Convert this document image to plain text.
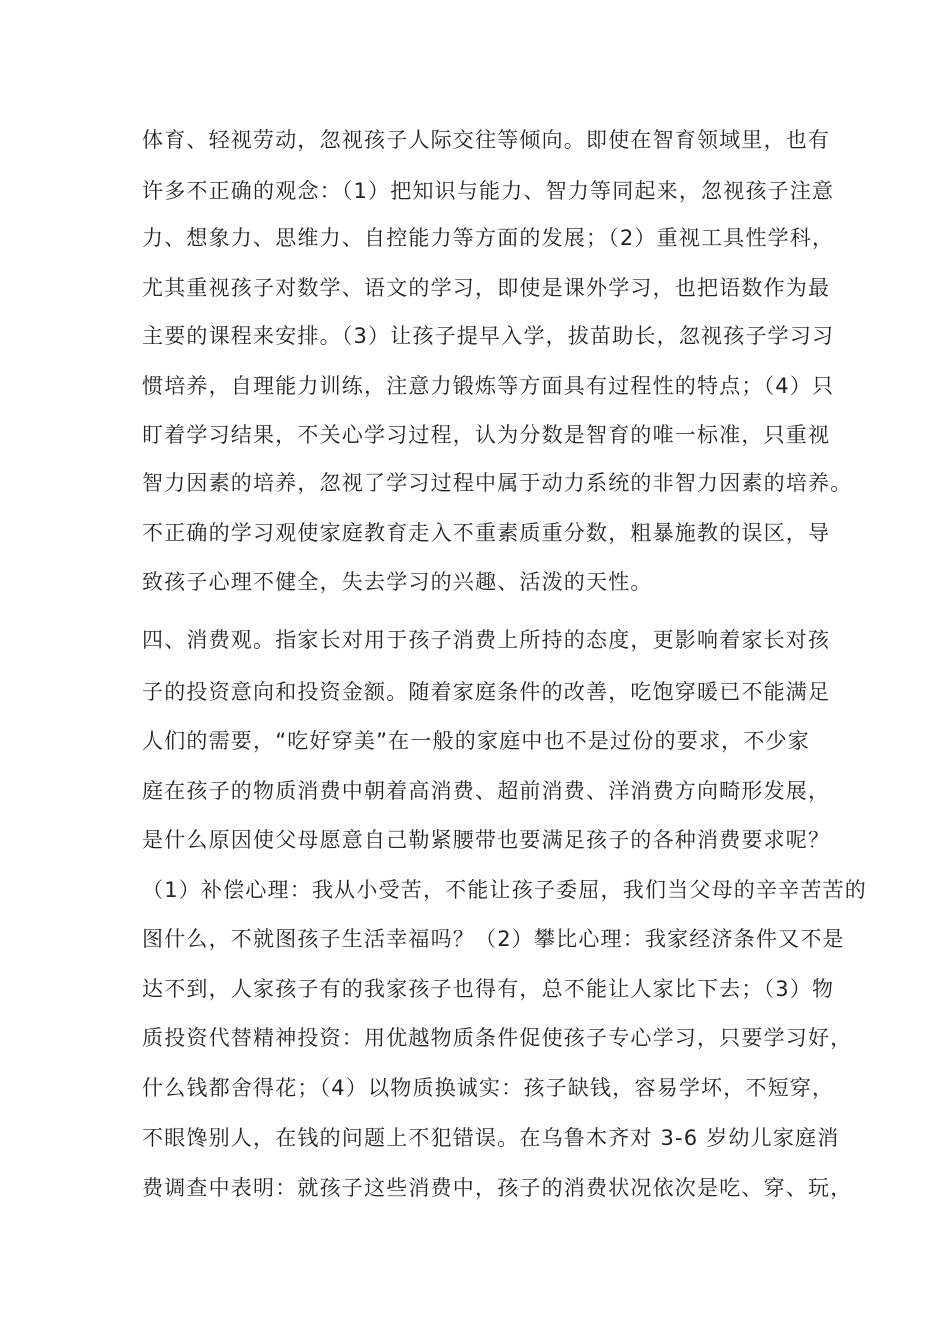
体育、轻视劳动，忽视孩子人际交往等倾向。即使在智育领域里，也有
许多不正确的观念：（1）把知识与能力、智力等同起来，忽视孩子注意
力、想象力、思维力、自控能力等方面的发展；（2）重视工具性学科，
尤其重视孩子对数学、语文的学习，即使是课外学习，也把语数作为最
主要的课程来安排。（3）让孩子提早入学，拔苗助长，忽视孩子学习习
惯培养，自理能力训练，注意力锻炼等方面具有过程性的特点；（4）只
盯着学习结果，不关心学习过程，认为分数是智育的唯一标准，只重视
智力因素的培养，忽视了学习过程中属于动力系统的非智力因素的培养。
不正确的学习观使家庭教育走入不重素质重分数，粗暴施教的误区，导
致孩子心理不健全，失去学习的兴趣、活泼的天性。
四、消费观。指家长对用于孩子消费上所持的态度，更影响着家长对孩
子的投资意向和投资金额。随着家庭条件的改善，吃饱穿暖已不能满足
人们的需要，“吃好穿美”在一般的家庭中也不是过份的要求，不少家
庭在孩子的物质消费中朝着高消费、超前消费、洋消费方向畸形发展，
是什么原因使父母愿意自己勒紧腰带也要满足孩子的各种消费要求呢？
（1）补偿心理：我从小受苦，不能让孩子委屈，我们当父母的辛辛苦苦的
图什么，不就图孩子生活幸福吗？（2）攀比心理：我家经济条件又不是
达不到，人家孩子有的我家孩子也得有，总不能让人家比下去；（3）物
质投资代替精神投资：用优越物质条件促使孩子专心学习，只要学习好，
什么钱都舍得花；（4）以物质换诚实：孩子缺钱，容易学坏，不短穿，
不眼馋别人，在钱的问题上不犯错误。在乌鲁木齐对 3-6 岁幼儿家庭消
费调查中表明：就孩子这些消费中，孩子的消费状况依次是吃、穿、玩，
